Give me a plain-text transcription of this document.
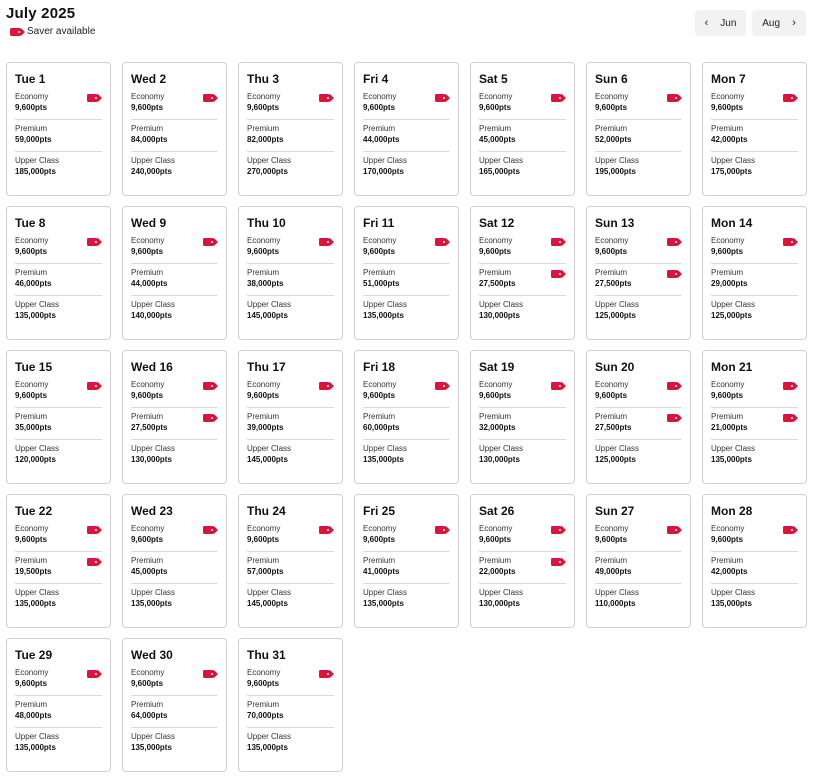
July 2025
Saver available
‹ Jun	Aug ›
Tue 1
Economy
9,600pts
Premium
59,000pts
Upper Class
185,000pts
Wed 2
Economy
9,600pts
Premium
84,000pts
Upper Class
240,000pts
Thu 3
Economy
9,600pts
Premium
82,000pts
Upper Class
270,000pts
Fri 4
Economy
9,600pts
Premium
44,000pts
Upper Class
170,000pts
Sat 5
Economy
9,600pts
Premium
45,000pts
Upper Class
165,000pts
Sun 6
Economy
9,600pts
Premium
52,000pts
Upper Class
195,000pts
Mon 7
Economy
9,600pts
Premium
42,000pts
Upper Class
175,000pts
Tue 8
Economy
9,600pts
Premium
46,000pts
Upper Class
135,000pts
Wed 9
Economy
9,600pts
Premium
44,000pts
Upper Class
140,000pts
Thu 10
Economy
9,600pts
Premium
38,000pts
Upper Class
145,000pts
Fri 11
Economy
9,600pts
Premium
51,000pts
Upper Class
135,000pts
Sat 12
Economy
9,600pts
Premium
27,500pts
Upper Class
130,000pts
Sun 13
Economy
9,600pts
Premium
27,500pts
Upper Class
125,000pts
Mon 14
Economy
9,600pts
Premium
29,000pts
Upper Class
125,000pts
Tue 15
Economy
9,600pts
Premium
35,000pts
Upper Class
120,000pts
Wed 16
Economy
9,600pts
Premium
27,500pts
Upper Class
130,000pts
Thu 17
Economy
9,600pts
Premium
39,000pts
Upper Class
145,000pts
Fri 18
Economy
9,600pts
Premium
60,000pts
Upper Class
135,000pts
Sat 19
Economy
9,600pts
Premium
32,000pts
Upper Class
130,000pts
Sun 20
Economy
9,600pts
Premium
27,500pts
Upper Class
125,000pts
Mon 21
Economy
9,600pts
Premium
21,000pts
Upper Class
135,000pts
Tue 22
Economy
9,600pts
Premium
19,500pts
Upper Class
135,000pts
Wed 23
Economy
9,600pts
Premium
45,000pts
Upper Class
135,000pts
Thu 24
Economy
9,600pts
Premium
57,000pts
Upper Class
145,000pts
Fri 25
Economy
9,600pts
Premium
41,000pts
Upper Class
135,000pts
Sat 26
Economy
9,600pts
Premium
22,000pts
Upper Class
130,000pts
Sun 27
Economy
9,600pts
Premium
49,000pts
Upper Class
110,000pts
Mon 28
Economy
9,600pts
Premium
42,000pts
Upper Class
135,000pts
Tue 29
Economy
9,600pts
Premium
48,000pts
Upper Class
135,000pts
Wed 30
Economy
9,600pts
Premium
64,000pts
Upper Class
135,000pts
Thu 31
Economy
9,600pts
Premium
70,000pts
Upper Class
135,000pts
